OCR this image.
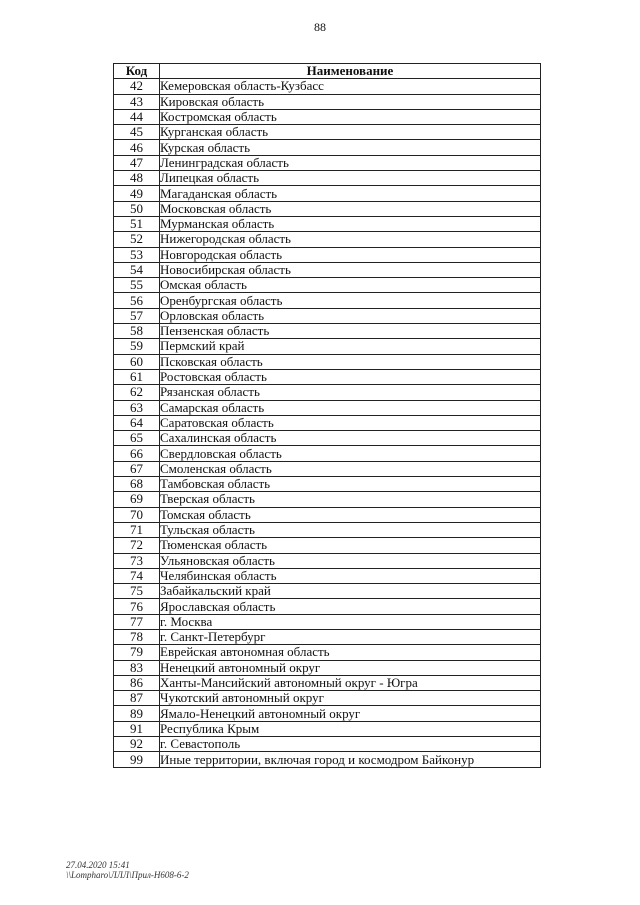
88
Код	Наименование
42	Кемеровская область-Кузбасс
43	Кировская область
44	Костромская область
45	Курганская область
46	Курская область
47	Ленинградская область
48	Липецкая область
49	Магаданская область
50	Московская область
51	Мурманская область
52	Нижегородская область
53	Новгородская область
54	Новосибирская область
55	Омская область
56	Оренбургская область
57	Орловская область
58	Пензенская область
59	Пермский край
60	Псковская область
61	Ростовская область
62	Рязанская область
63	Самарская область
64	Саратовская область
65	Сахалинская область
66	Свердловская область
67	Смоленская область
68	Тамбовская область
69	Тверская область
70	Томская область
71	Тульская область
72	Тюменская область
73	Ульяновская область
74	Челябинская область
75	Забайкальский край
76	Ярославская область
77	г. Москва
78	г. Санкт-Петербург
79	Еврейская автономная область
83	Ненецкий автономный округ
86	Ханты-Мансийский автономный округ - Югра
87	Чукотский автономный округ
89	Ямало-Ненецкий автономный округ
91	Республика Крым
92	г. Севастополь
99	Иные территории, включая город и космодром Байконур
27.04.2020 15:41
\\Lompharo\ЛЛЛ\Прил-Н608-6-2
